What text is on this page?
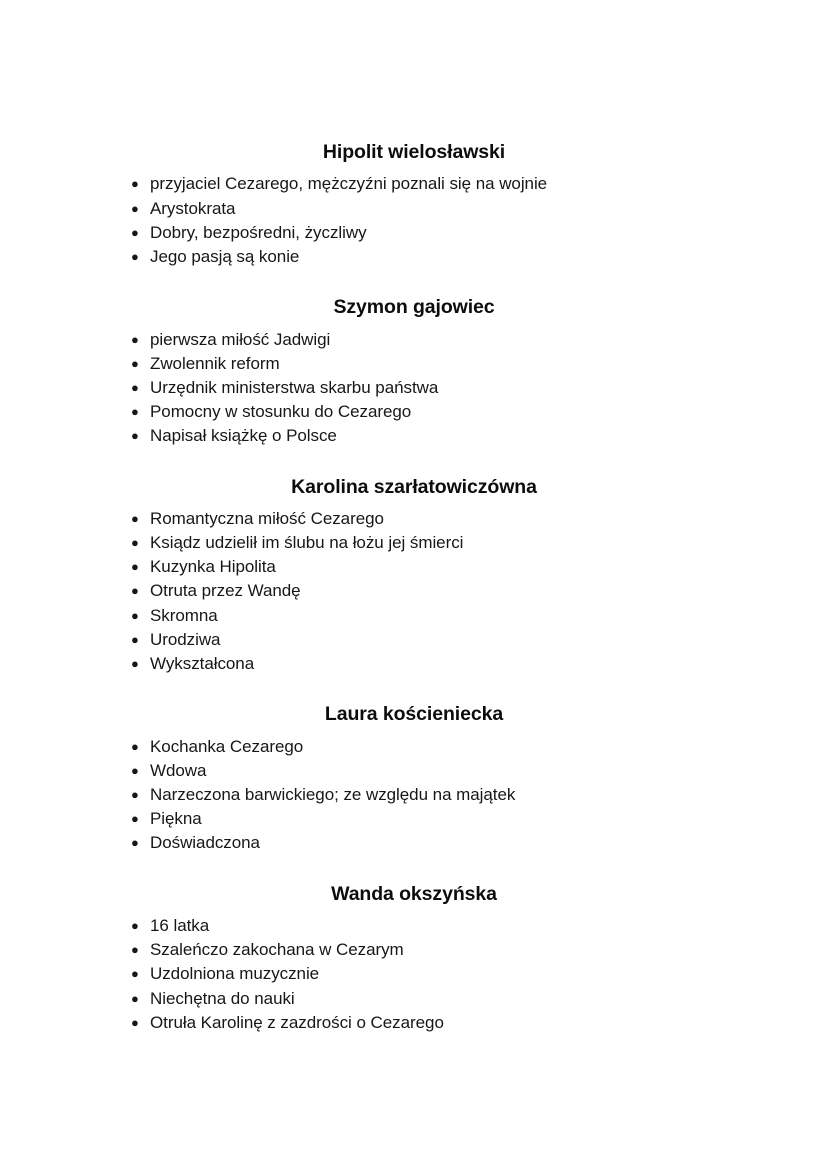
Hipolit wielosławski
● przyjaciel Cezarego, mężczyźni poznali się na wojnie
● Arystokrata
● Dobry, bezpośredni, życzliwy
● Jego pasją są konie
Szymon gajowiec
● pierwsza miłość Jadwigi
● Zwolennik reform
● Urzędnik ministerstwa skarbu państwa
● Pomocny w stosunku do Cezarego
● Napisał książkę o Polsce
Karolina szarłatowiczówna
● Romantyczna miłość Cezarego
● Ksiądz udzielił im ślubu na łożu jej śmierci
● Kuzynka Hipolita
● Otruta przez Wandę
● Skromna
● Urodziwa
● Wykształcona
Laura kościeniecka
● Kochanka Cezarego
● Wdowa
● Narzeczona barwickiego; ze względu na majątek
● Piękna
● Doświadczona
Wanda okszyńska
● 16 latka
● Szaleńczo zakochana w Cezarym
● Uzdolniona muzycznie
● Niechętna do nauki
● Otruła Karolinę z zazdrości o Cezarego
